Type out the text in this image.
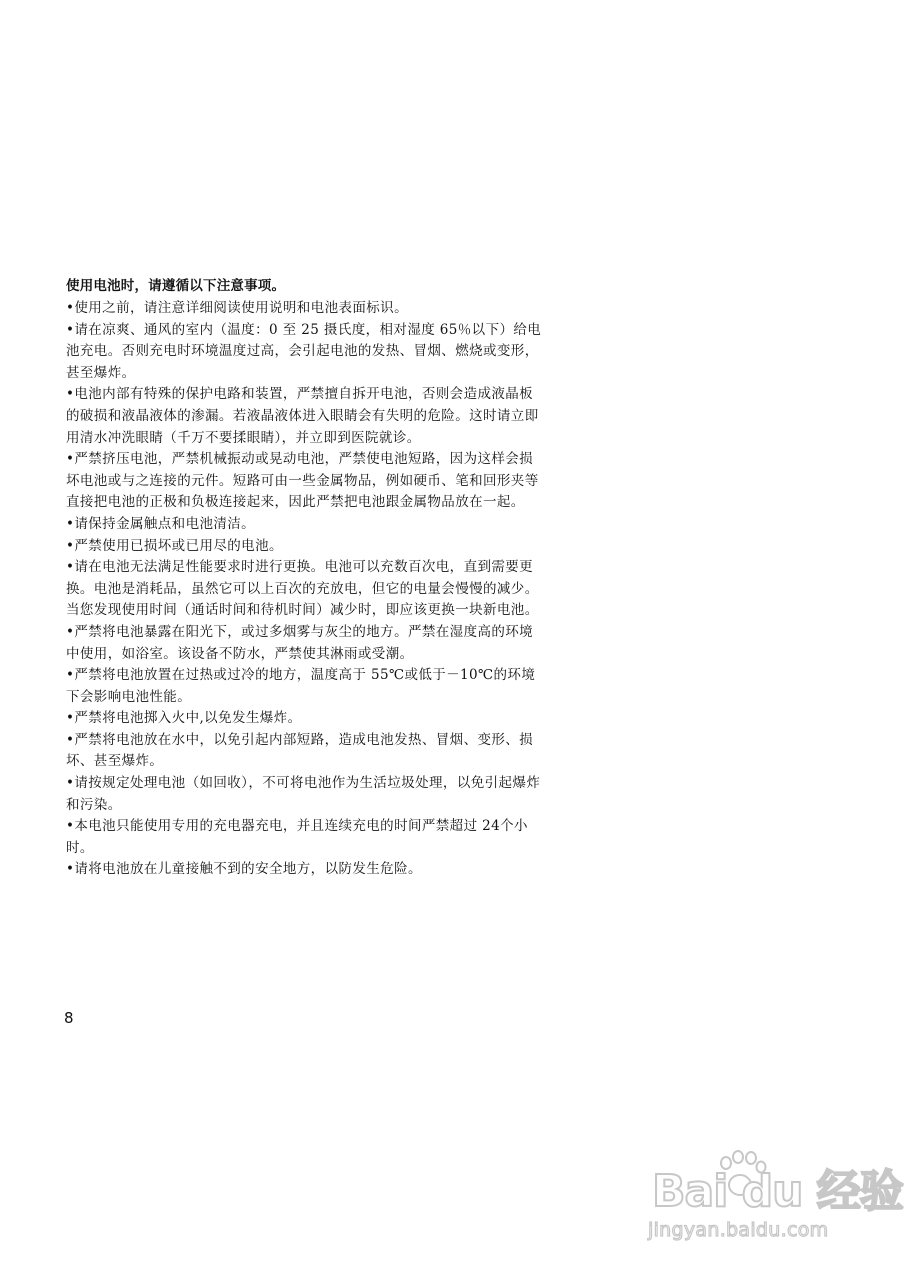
使用电池时，请遵循以下注意事项。
• 使用之前，请注意详细阅读使用说明和电池表面标识。
• 请在凉爽、通风的室内（温度：0 至 25 摄氏度，相对湿度 65％以下）给电池充电。否则充电时环境温度过高，会引起电池的发热、冒烟、燃烧或变形，甚至爆炸。
• 电池内部有特殊的保护电路和装置，严禁擅自拆开电池，否则会造成液晶板的破损和液晶液体的渗漏。若液晶液体进入眼睛会有失明的危险。这时请立即用清水冲洗眼睛（千万不要揉眼睛），并立即到医院就诊。
• 严禁挤压电池，严禁机械振动或晃动电池，严禁使电池短路，因为这样会损坏电池或与之连接的元件。短路可由一些金属物品，例如硬币、笔和回形夹等直接把电池的正极和负极连接起来，因此严禁把电池跟金属物品放在一起。
• 请保持金属触点和电池清洁。
• 严禁使用已损坏或已用尽的电池。
• 请在电池无法满足性能要求时进行更换。电池可以充数百次电，直到需要更换。电池是消耗品，虽然它可以上百次的充放电，但它的电量会慢慢的减少。当您发现使用时间（通话时间和待机时间）减少时，即应该更换一块新电池。
• 严禁将电池暴露在阳光下，或过多烟雾与灰尘的地方。严禁在湿度高的环境中使用，如浴室。该设备不防水，严禁使其淋雨或受潮。
• 严禁将电池放置在过热或过冷的地方，温度高于 55℃或低于－10℃的环境下会影响电池性能。
• 严禁将电池掷入火中,以免发生爆炸。
• 严禁将电池放在水中，以免引起内部短路，造成电池发热、冒烟、变形、损坏、甚至爆炸。
• 请按规定处理电池（如回收），不可将电池作为生活垃圾处理，以免引起爆炸和污染。
• 本电池只能使用专用的充电器充电，并且连续充电的时间严禁超过 24个小时。
• 请将电池放在儿童接触不到的安全地方，以防发生危险。
8
Bai du 经验
jingyan.baidu.com
